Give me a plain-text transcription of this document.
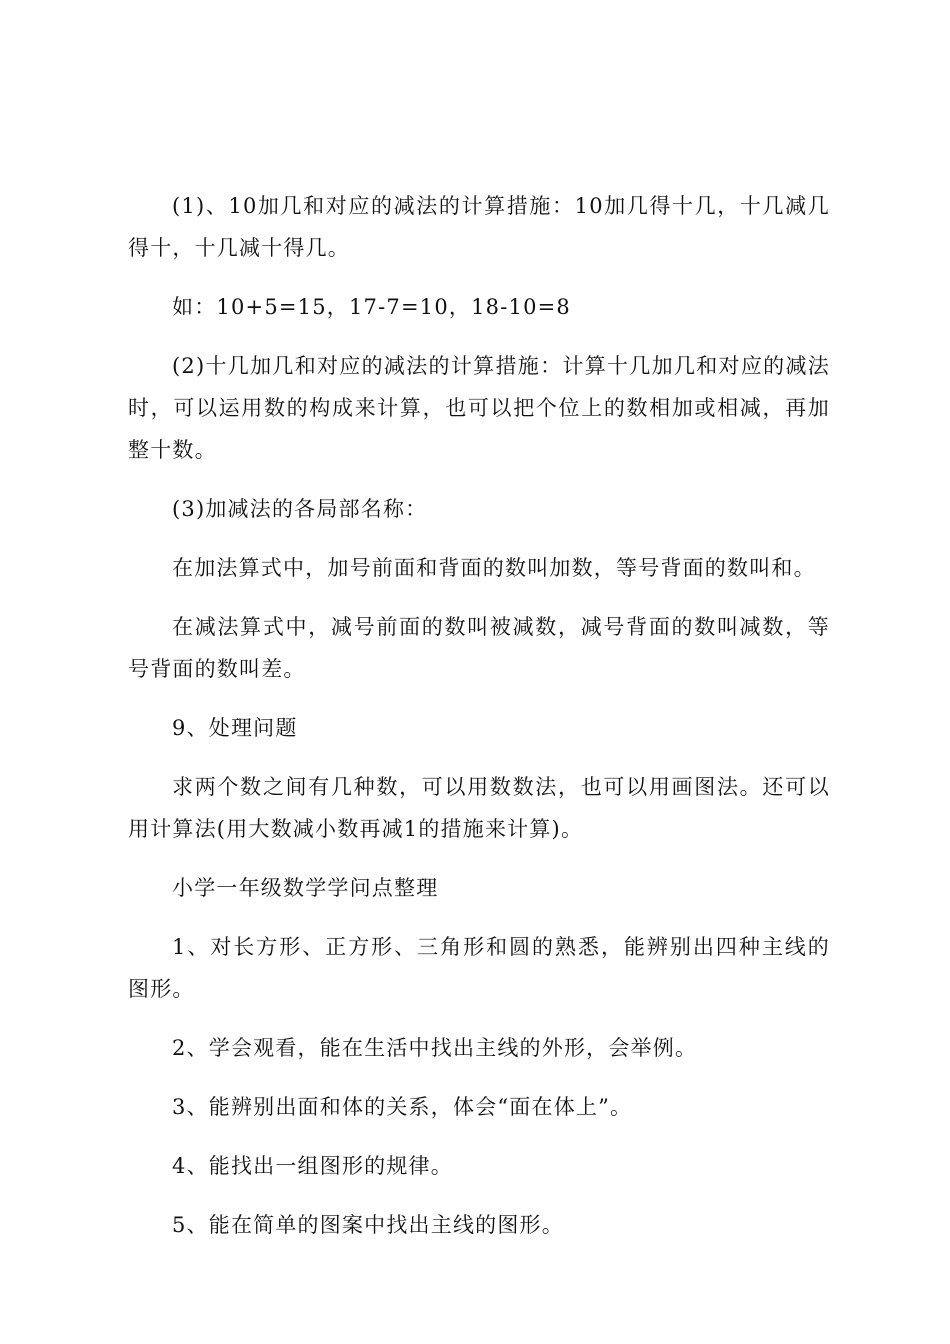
(1)、10加几和对应的减法的计算措施：10加几得十几，十几减几得十，十几减十得几。

如：10+5=15，17-7=10，18-10=8

(2)十几加几和对应的减法的计算措施：计算十几加几和对应的减法时，可以运用数的构成来计算，也可以把个位上的数相加或相减，再加整十数。

(3)加减法的各局部名称：

在加法算式中，加号前面和背面的数叫加数，等号背面的数叫和。

在减法算式中，减号前面的数叫被减数，减号背面的数叫减数，等号背面的数叫差。

9、处理问题

求两个数之间有几种数，可以用数数法，也可以用画图法。还可以用计算法(用大数减小数再减1的措施来计算)。

小学一年级数学学问点整理

1、对长方形、正方形、三角形和圆的熟悉，能辨别出四种主线的图形。

2、学会观看，能在生活中找出主线的外形，会举例。

3、能辨别出面和体的关系，体会“面在体上”。

4、能找出一组图形的规律。

5、能在简单的图案中找出主线的图形。
